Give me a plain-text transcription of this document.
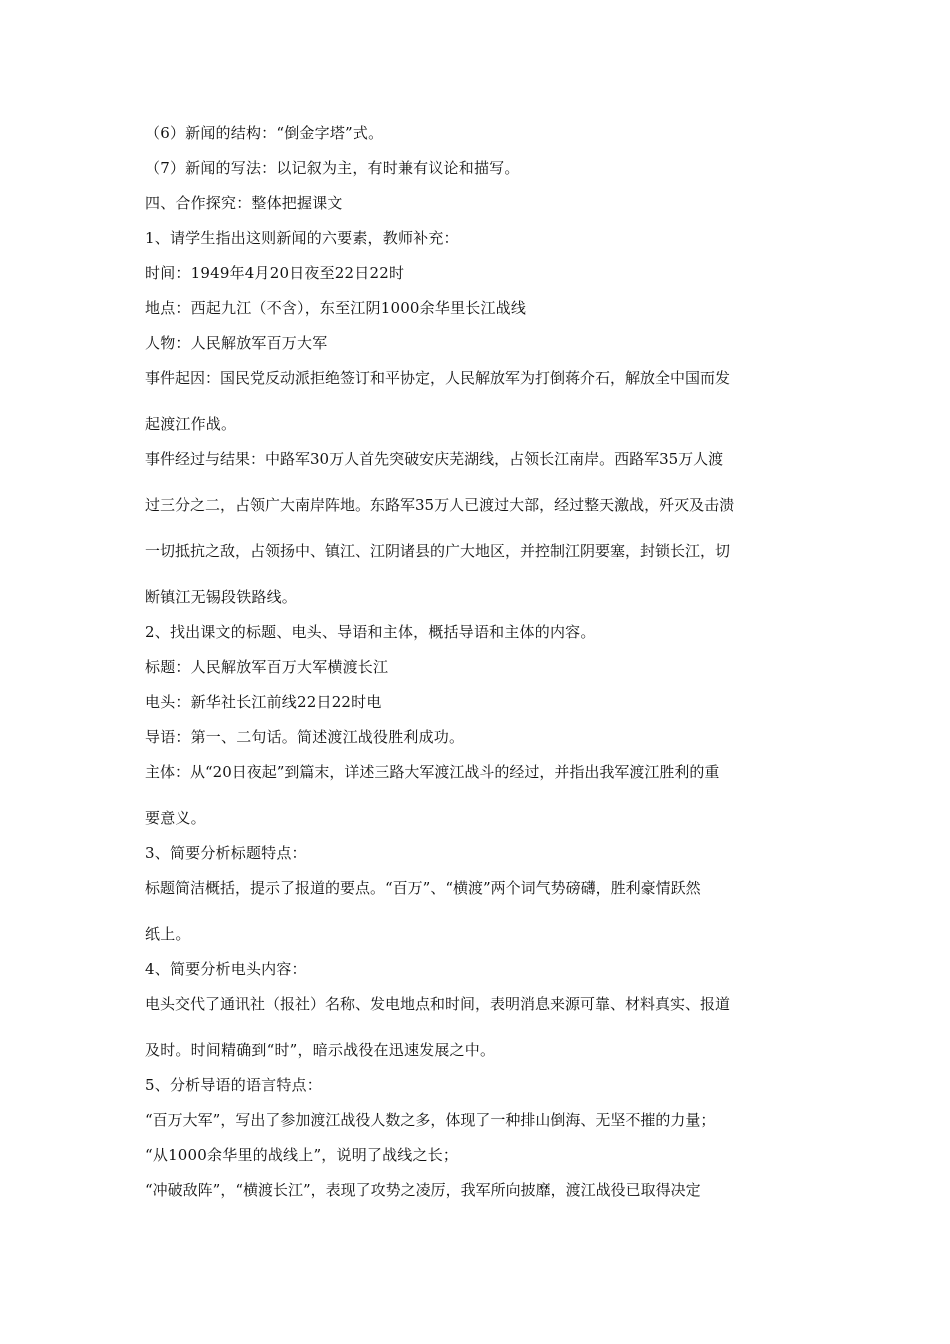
（6）新闻的结构：“倒金字塔”式。

（7）新闻的写法：以记叙为主，有时兼有议论和描写。

四、合作探究：整体把握课文

1、请学生指出这则新闻的六要素，教师补充：

时间：1949年4月20日夜至22日22时

地点：西起九江（不含），东至江阴1000余华里长江战线

人物：人民解放军百万大军

事件起因：国民党反动派拒绝签订和平协定，人民解放军为打倒蒋介石，解放全中国而发

起渡江作战。

事件经过与结果：中路军30万人首先突破安庆芜湖线，占领长江南岸。西路军35万人渡

过三分之二，占领广大南岸阵地。东路军35万人已渡过大部，经过整天激战，歼灭及击溃

一切抵抗之敌，占领扬中、镇江、江阴诸县的广大地区，并控制江阴要塞，封锁长江，切

断镇江无锡段铁路线。

2、找出课文的标题、电头、导语和主体，概括导语和主体的内容。

标题：人民解放军百万大军横渡长江

电头：新华社长江前线22日22时电

导语：第一、二句话。简述渡江战役胜利成功。

主体：从“20日夜起”到篇末，详述三路大军渡江战斗的经过，并指出我军渡江胜利的重

要意义。

3、简要分析标题特点：

标题简洁概括，提示了报道的要点。“百万”、“横渡”两个词气势磅礴，胜利豪情跃然

纸上。

4、简要分析电头内容：

电头交代了通讯社（报社）名称、发电地点和时间，表明消息来源可靠、材料真实、报道

及时。时间精确到“时”，暗示战役在迅速发展之中。

5、分析导语的语言特点：

“百万大军”，写出了参加渡江战役人数之多，体现了一种排山倒海、无坚不摧的力量；

“从1000余华里的战线上”，说明了战线之长；

“冲破敌阵”，“横渡长江”，表现了攻势之凌厉，我军所向披靡，渡江战役已取得决定
